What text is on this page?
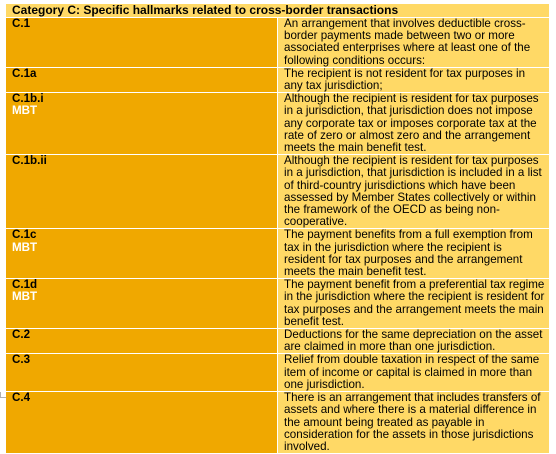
Category C: Specific hallmarks related to cross-border transactions	

C.1	An arrangement that involves deductible cross-border payments made between two or more associated enterprises where at least one of the following conditions occurs:

C.1a	The recipient is not resident for tax purposes in any tax jurisdiction;

C.1b.i
MBT	Although the recipient is resident for tax purposes in a jurisdiction, that jurisdiction does not impose any corporate tax or imposes corporate tax at the rate of zero or almost zero and the arrangement meets the main benefit test.

C.1b.ii	Although the recipient is resident for tax purposes in a jurisdiction, that jurisdiction is included in a list of third-country jurisdictions which have been assessed by Member States collectively or within the framework of the OECD as being non-cooperative.

C.1c
MBT	The payment benefits from a full exemption from tax in the jurisdiction where the recipient is resident for tax purposes and the arrangement meets the main benefit test.

C.1d
MBT	The payment benefit from a preferential tax regime in the jurisdiction where the recipient is resident for tax purposes and the arrangement meets the main benefit test.

C.2	Deductions for the same depreciation on the asset are claimed in more than one jurisdiction.

C.3	Relief from double taxation in respect of the same item of income or capital is claimed in more than one jurisdiction.

C.4	There is an arrangement that includes transfers of assets and where there is a material difference in the amount being treated as payable in consideration for the assets in those jurisdictions involved.
